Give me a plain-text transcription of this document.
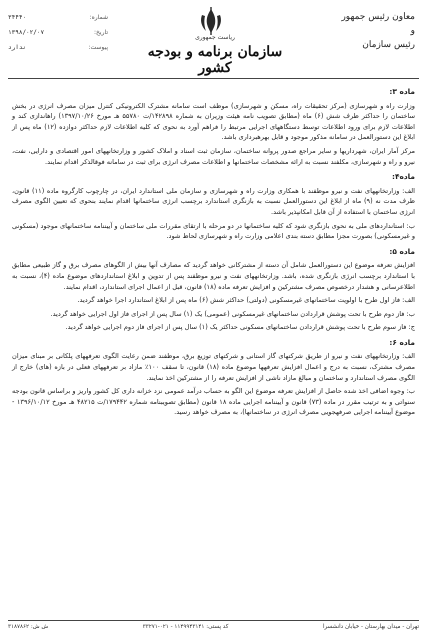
معاون رئیس جمهور
و
رئیس سازمان
ریاست جمهوری
سازمان برنامه و بودجه کشور
شماره:
۳۴۴۴۰
تاریخ:
۱۳۹۸/۰۲/۰۷
پیوست:
ندارد
ماده ۳:

وزارت راه و شهرسازی (مرکز تحقیقات راه، مسکن و شهرسازی) موظف است سامانه مشترک الکترونیکی کنترل میزان مصرف انرژی در بخش ساختمان را حداکثر ظرف شش (۶) ماه (مطابق تصویب نامه هیئت وزیران به شماره ۱۴۲۸۹۸/ت ۵۵۷۸۰ هـ مورخ ۱۳۹۷/۱۰/۲۶) راهاندازی کند و اطلاعات لازم برای ورود اطلاعات توسط دستگاههای اجرایی مرتبط را فراهم آورد به نحوی که کلیه اطلاعات لازم حداکثر دوازده (۱۲) ماه پس از ابلاغ این دستورالعمل در سامانه مذکور موجود و قابل بهرهبرداری باشد.

مرکز آمار ایران، شهرداریها و سایر مراجع صدور پروانه ساختمان، سازمان ثبت اسناد و املاک کشور و وزارتخانههای امور اقتصادی و دارایی، نفت، نیرو و راه و شهرسازی، مکلفند نسبت به ارائه مشخصات ساختمانها و اطلاعات مصرف انرژی برای ثبت در سامانه فوقالذکر اقدام نمایند.

ماده۴:

الف: وزارتخانههای نفت و نیرو موظفند با همکاری وزارت راه و شهرسازی و سازمان ملی استاندارد ایران، در چارچوب کارگروه ماده (۱۱) قانون، ظرف مدت نه (۹) ماه از ابلاغ این دستورالعمل نسبت به بازنگری استاندارد برچسب انرژی ساختمانها اقدام نمایند بنحوی که تعیین الگوی مصرف انرژی ساختمان با استفاده از آن قابل امکانپذیر باشد.

ب: استانداردهای ملی به نحوی بازنگری شود که کلیه ساختمانها در دو مرحله با ارتقای مقررات ملی ساختمان و آییننامه ساختمانهای موجود (مسکونی و غیرمسکونی) بصورت مجزا مطابق دسته بندی اعلامی وزارت راه و شهرسازی لحاظ شود.

ماده ۵:

افزایش تعرفه موضوع این دستورالعمل شامل آن دسته از مشترکانی خواهد گردید که مصارف آنها بیش از الگوهای مصرف برق و گاز طبیعی مطابق با استاندارد برچسب انرژی بازنگری شده، باشد. وزارتخانههای نفت و نیرو موظفند پس از تدوین و ابلاغ استانداردهای موضوع ماده (۴)، نسبت به اطلاعرسانی و هشدار درخصوص مصرف مشترکین و افزایش تعرفه ماده (۱۸) قانون، قبل از اعمال اجرای استاندارد، اقدام نمایند.

الف: فاز اول طرح با اولویت ساختمانهای غیرمسکونی (دولتی) حداکثر شش (۶) ماه پس از ابلاغ استاندارد اجرا خواهد گردید.

ب: فاز دوم طرح با تحت پوشش قراردادن ساختمانهای غیرمسکونی (عمومی) یک (۱) سال پس از اجرای فاز اول اجرایی خواهد گردید.

ج: فاز سوم طرح با تحت پوشش قراردادن ساختمانهای مسکونی حداکثر یک (۱) سال پس از اجرای فاز دوم اجرایی خواهد گردید.

ماده ۶:

الف: وزارتخانههای نفت و نیرو از طریق شرکتهای گاز استانی و شرکتهای توزیع برق، موظفند ضمن رعایت الگوی تعرفههای پلکانی بر مبنای میزان مصرف مشترک، نسبت به درج و اعمال افزایش تعرفهها موضوع ماده (۱۸) قانون، تا سقف ۱۰۰٪ مازاد بر تعرفههای فعلی در بازه (های) خارج از الگوی مصرف استاندارد و ساختمان و مبالغ مازاد ناشی از افزایش تعرفه را از مشترکین اخذ نمایند.

ب: وجوه اضافی اخذ شده حاصل از افزایش تعرفه موضوع این الگو به حساب درآمد عمومی نزد خزانه داری کل کشور واریز و براساس قانون بودجه سنواتی و به ترتیب مقرر در ماده (۷۳) قانون و آییننامه اجرایی ماده ۱۸ قانون (مطابق تصویبنامه شماره ۱۷۹۴۴۲/ت ۴۸۲۱۵ هـ مورخ ۱۳۹۶/۱۰/۱۲ - موضوع آییننامه اجرایی صرفهجویی مصرف انرژی در ساختمانها)، به مصرف خواهد رسید.

تهران - میدان بهارستان - خیابان دانشسرا
کد پستی: ۱۱۴۹۹۴۳۱۴۱ - ۰۲۱-۳۳۲۷۱
ش ش: ۳۱۸۷۸۶۲
